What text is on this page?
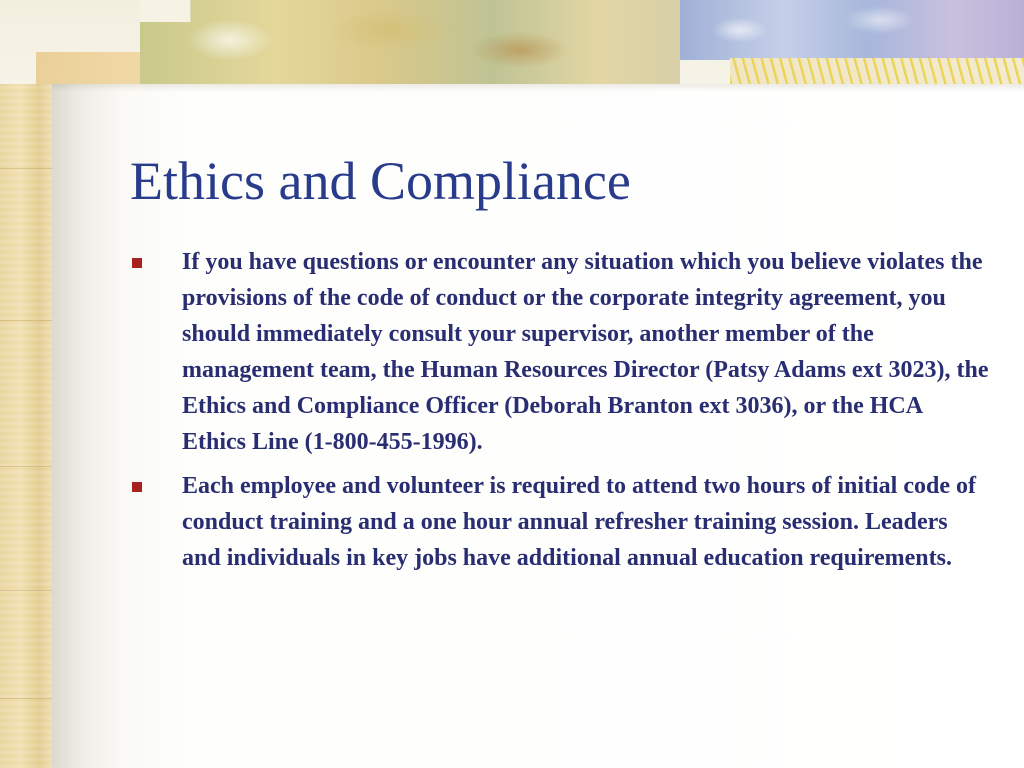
Ethics and Compliance
If you have questions or encounter any situation which you believe violates the provisions of the code of conduct or the corporate integrity agreement, you should immediately consult your supervisor, another member of the management team, the Human Resources Director (Patsy Adams ext 3023), the Ethics and Compliance Officer (Deborah Branton ext 3036), or the HCA Ethics Line (1-800-455-1996).
Each employee and volunteer is required to attend two hours of initial code of conduct training and a one hour annual refresher training session. Leaders and individuals in key jobs have additional annual education requirements.
